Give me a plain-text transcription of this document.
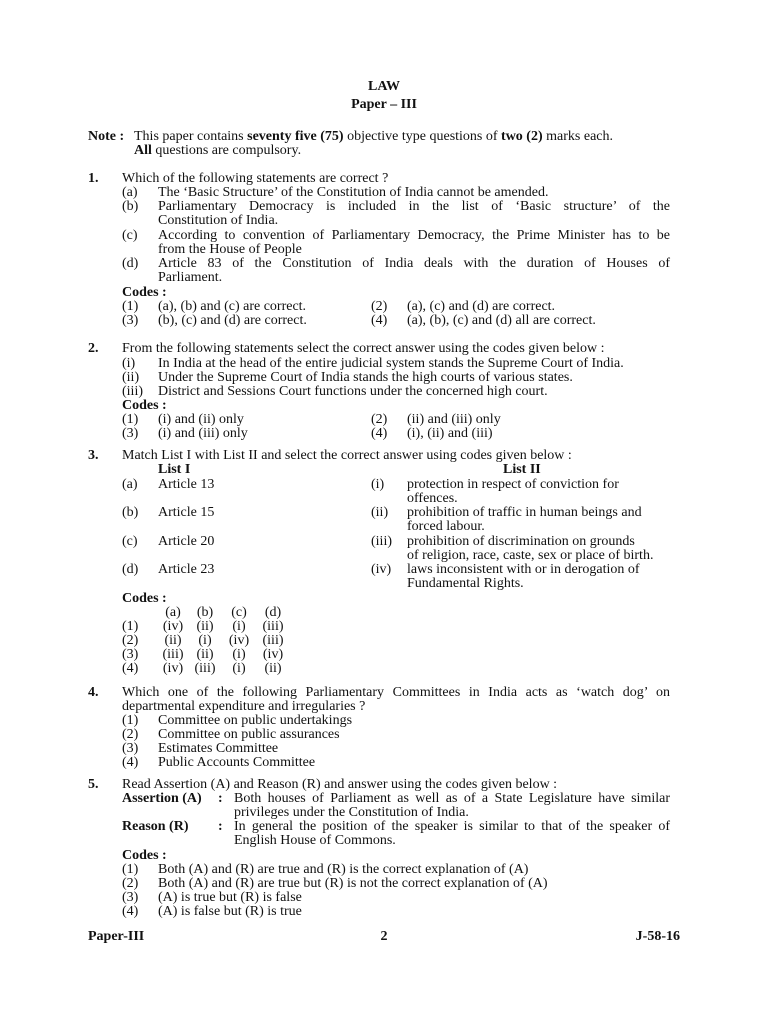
LAW
Paper – III
Note : This paper contains seventy five (75) objective type questions of two (2) marks each.
All questions are compulsory.
1. Which of the following statements are correct ?
(a) The ‘Basic Structure’ of the Constitution of India cannot be amended.
(b) Parliamentary Democracy is included in the list of ‘Basic structure’ of the
Constitution of India.
(c) According to convention of Parliamentary Democracy, the Prime Minister has to be
from the House of People
(d) Article 83 of the Constitution of India deals with the duration of Houses of
Parliament.
Codes :
(1) (a), (b) and (c) are correct.	(2) (a), (c) and (d) are correct.
(3) (b), (c) and (d) are correct.	(4) (a), (b), (c) and (d) all are correct.
2. From the following statements select the correct answer using the codes given below :
(i) In India at the head of the entire judicial system stands the Supreme Court of India.
(ii) Under the Supreme Court of India stands the high courts of various states.
(iii) District and Sessions Court functions under the concerned high court.
Codes :
(1) (i) and (ii) only	(2) (ii) and (iii) only
(3) (i) and (iii) only	(4) (i), (ii) and (iii)
3. Match List I with List II and select the correct answer using codes given below :
List I	List II
(a) Article 13	(i) protection in respect of conviction for
offences.
(b) Article 15	(ii) prohibition of traffic in human beings and
forced labour.
(c) Article 20	(iii) prohibition of discrimination on grounds
of religion, race, caste, sex or place of birth.
(d) Article 23	(iv) laws inconsistent with or in derogation of
Fundamental Rights.
Codes :
(a) (b) (c) (d)
(1)	(iv) (ii)	(i)	(iii)
(2)	(ii)	(i)	(iv) (iii)
(3)	(iii) (ii)	(i)	(iv)
(4)	(iv) (iii)	(i)	(ii)
4. Which one of the following Parliamentary Committees in India acts as ‘watch dog’ on
departmental expenditure and irregularies ?
(1) Committee on public undertakings
(2) Committee on public assurances
(3) Estimates Committee
(4) Public Accounts Committee
5. Read Assertion (A) and Reason (R) and answer using the codes given below :
Assertion (A) : Both houses of Parliament as well as of a State Legislature have similar
privileges under the Constitution of India.
Reason (R) : In general the position of the speaker is similar to that of the speaker of
English House of Commons.
Codes :
(1) Both (A) and (R) are true and (R) is the correct explanation of (A)
(2) Both (A) and (R) are true but (R) is not the correct explanation of (A)
(3) (A) is true but (R) is false
(4) (A) is false but (R) is true
Paper-III	2	J-58-16
